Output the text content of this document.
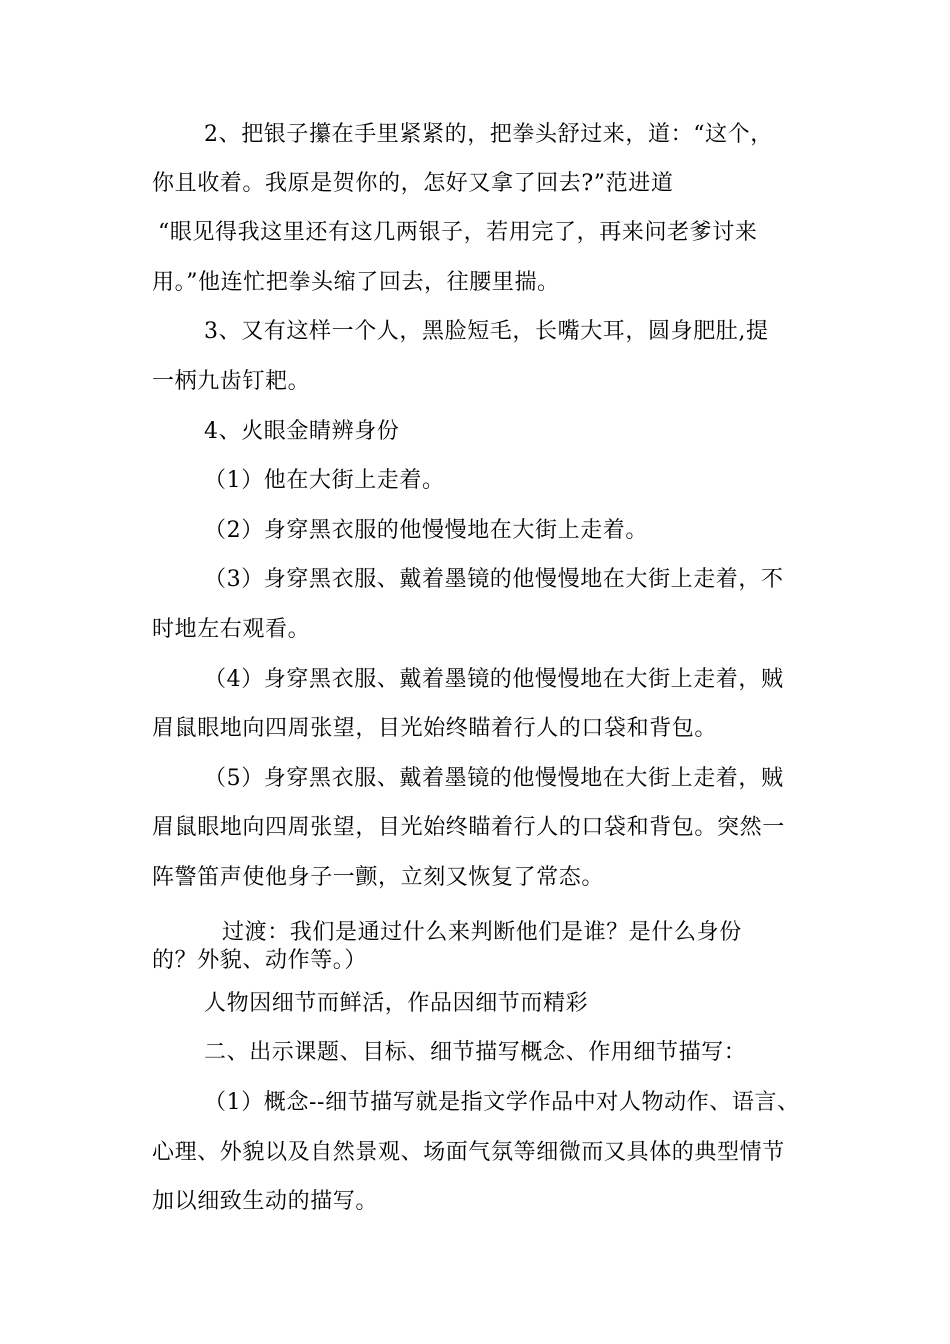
2、把银子攥在手里紧紧的，把拳头舒过来，道：“这个，
你且收着。我原是贺你的，怎好又拿了回去?”范进道
“眼见得我这里还有这几两银子，若用完了，再来问老爹讨来
用。”他连忙把拳头缩了回去，往腰里揣。
3、又有这样一个人，黑脸短毛，长嘴大耳，圆身肥肚,提
一柄九齿钉耙。
4、火眼金睛辨身份
（1）他在大街上走着。
（2）身穿黑衣服的他慢慢地在大街上走着。
（3）身穿黑衣服、戴着墨镜的他慢慢地在大街上走着，不
时地左右观看。
（4）身穿黑衣服、戴着墨镜的他慢慢地在大街上走着，贼
眉鼠眼地向四周张望，目光始终瞄着行人的口袋和背包。
（5）身穿黑衣服、戴着墨镜的他慢慢地在大街上走着，贼
眉鼠眼地向四周张望，目光始终瞄着行人的口袋和背包。突然一
阵警笛声使他身子一颤，立刻又恢复了常态。
过渡：我们是通过什么来判断他们是谁？是什么身份
的？外貌、动作等。）
人物因细节而鲜活，作品因细节而精彩
二、出示课题、目标、细节描写概念、作用细节描写：
（1）概念--细节描写就是指文学作品中对人物动作、语言、
心理、外貌以及自然景观、场面气氛等细微而又具体的典型情节
加以细致生动的描写。
